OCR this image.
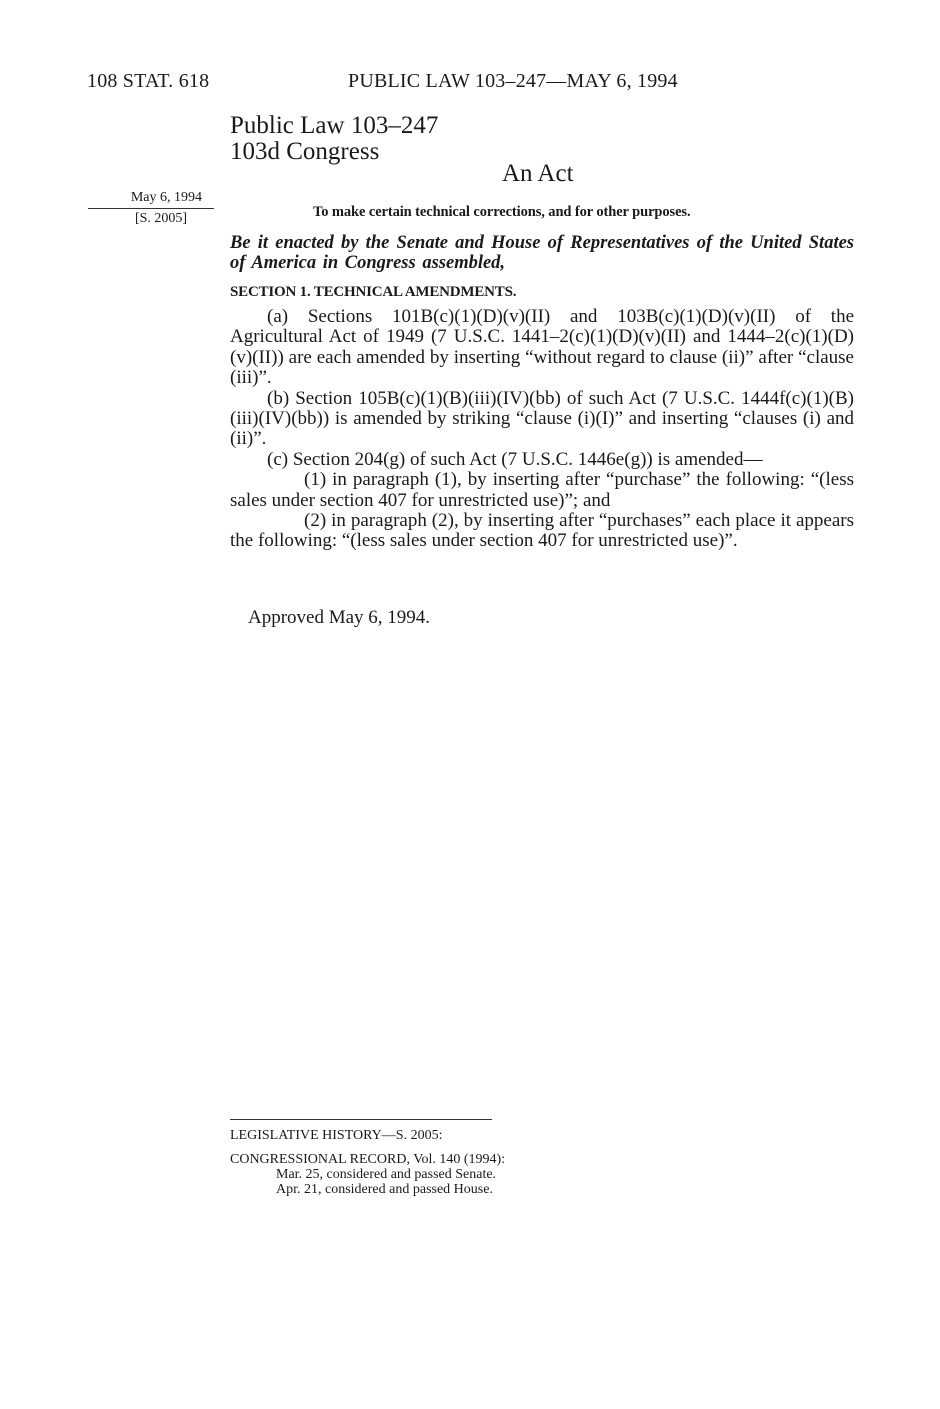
108 STAT. 618	PUBLIC LAW 103–247—MAY 6, 1994
Public Law 103–247
103d Congress
An Act
May 6, 1994
[S. 2005]	To make certain technical corrections, and for other purposes.
Be it enacted by the Senate and House of Representatives of the United States of America in Congress assembled,
SECTION 1. TECHNICAL AMENDMENTS.

(a) Sections 101B(c)(1)(D)(v)(II) and 103B(c)(1)(D)(v)(II) of the Agricultural Act of 1949 (7 U.S.C. 1441–2(c)(1)(D)(v)(II) and 1444–2(c)(1)(D)(v)(II)) are each amended by inserting “without regard to clause (ii)” after “clause (iii)”.

(b) Section 105B(c)(1)(B)(iii)(IV)(bb) of such Act (7 U.S.C. 1444f(c)(1)(B)(iii)(IV)(bb)) is amended by striking “clause (i)(I)” and inserting “clauses (i) and (ii)”.

(c) Section 204(g) of such Act (7 U.S.C. 1446e(g)) is amended—

(1) in paragraph (1), by inserting after “purchase” the following: “(less sales under section 407 for unrestricted use)”; and

(2) in paragraph (2), by inserting after “purchases” each place it appears the following: “(less sales under section 407 for unrestricted use)”.

Approved May 6, 1994.
LEGISLATIVE HISTORY—S. 2005:
CONGRESSIONAL RECORD, Vol. 140 (1994):
Mar. 25, considered and passed Senate.
Apr. 21, considered and passed House.
